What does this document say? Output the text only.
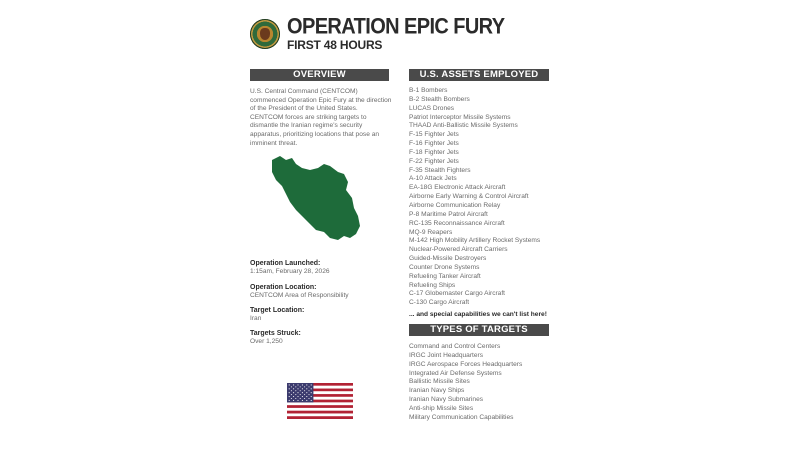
OPERATION EPIC FURY
FIRST 48 HOURS
OVERVIEW

U.S. Central Command (CENTCOM) commenced Operation Epic Fury at the direction of the President of the United States. CENTCOM forces are striking targets to dismantle the Iranian regime's security apparatus, prioritizing locations that pose an imminent threat.

Operation Launched:
1:15am, February 28, 2026
Operation Location:
CENTCOM Area of Responsibility
Target Location:
Iran
Targets Struck:
Over 1,250
U.S. ASSETS EMPLOYED
B-1 Bombers
B-2 Stealth Bombers
LUCAS Drones
Patriot Interceptor Missile Systems
THAAD Anti-Ballistic Missile Systems
F-15 Fighter Jets
F-16 Fighter Jets
F-18 Fighter Jets
F-22 Fighter Jets
F-35 Stealth Fighters
A-10 Attack Jets
EA-18G Electronic Attack Aircraft
Airborne Early Warning & Control Aircraft
Airborne Communication Relay
P-8 Maritime Patrol Aircraft
RC-135 Reconnaissance Aircraft
MQ-9 Reapers
M-142 High Mobility Artillery Rocket Systems
Nuclear-Powered Aircraft Carriers
Guided-Missile Destroyers
Counter Drone Systems
Refueling Tanker Aircraft
Refueling Ships
C-17 Globemaster Cargo Aircraft
C-130 Cargo Aircraft
... and special capabilities we can't list here!
TYPES OF TARGETS
Command and Control Centers
IRGC Joint Headquarters
IRGC Aerospace Forces Headquarters
Integrated Air Defense Systems
Ballistic Missile Sites
Iranian Navy Ships
Iranian Navy Submarines
Anti-ship Missile Sites
Military Communication Capabilities
